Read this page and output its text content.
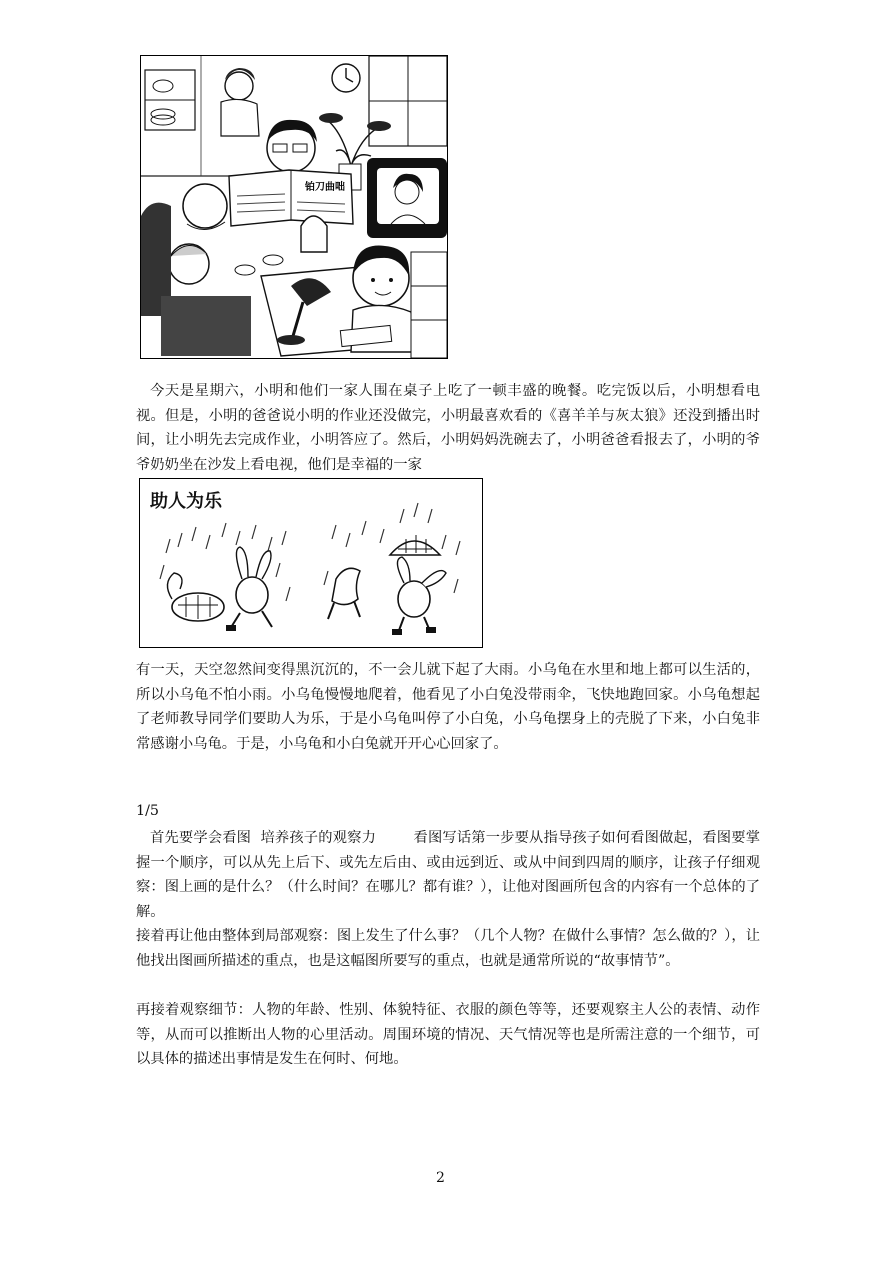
铂刀曲咄

今天是星期六，小明和他们一家人围在桌子上吃了一顿丰盛的晚餐。吃完饭以后，小明想看电视。但是，小明的爸爸说小明的作业还没做完，小明最喜欢看的《喜羊羊与灰太狼》还没到播出时间，让小明先去完成作业，小明答应了。然后，小明妈妈洗碗去了，小明爸爸看报去了，小明的爷爷奶奶坐在沙发上看电视，他们是幸福的一家

助人为乐

有一天，天空忽然间变得黑沉沉的，不一会儿就下起了大雨。小乌龟在水里和地上都可以生活的，所以小乌龟不怕小雨。小乌龟慢慢地爬着，他看见了小白兔没带雨伞，飞快地跑回家。小乌龟想起了老师教导同学们要助人为乐，于是小乌龟叫停了小白兔，小乌龟摆身上的壳脱了下来，小白兔非常感谢小乌龟。于是，小乌龟和小白兔就开开心心回家了。

1/5

首先要学会看图  培养孩子的观察力        看图写话第一步要从指导孩子如何看图做起，看图要掌握一个顺序，可以从先上后下、或先左后由、或由远到近、或从中间到四周的顺序，让孩子仔细观察：图上画的是什么？（什么时间？在哪儿？都有谁？），让他对图画所包含的内容有一个总体的了解。

接着再让他由整体到局部观察：图上发生了什么事？（几个人物？在做什么事情？怎么做的？），让他找出图画所描述的重点，也是这幅图所要写的重点，也就是通常所说的“故事情节”。

再接着观察细节：人物的年龄、性别、体貌特征、衣服的颜色等等，还要观察主人公的表情、动作等，从而可以推断出人物的心里活动。周围环境的情况、天气情况等也是所需注意的一个细节，可以具体的描述出事情是发生在何时、何地。

2
